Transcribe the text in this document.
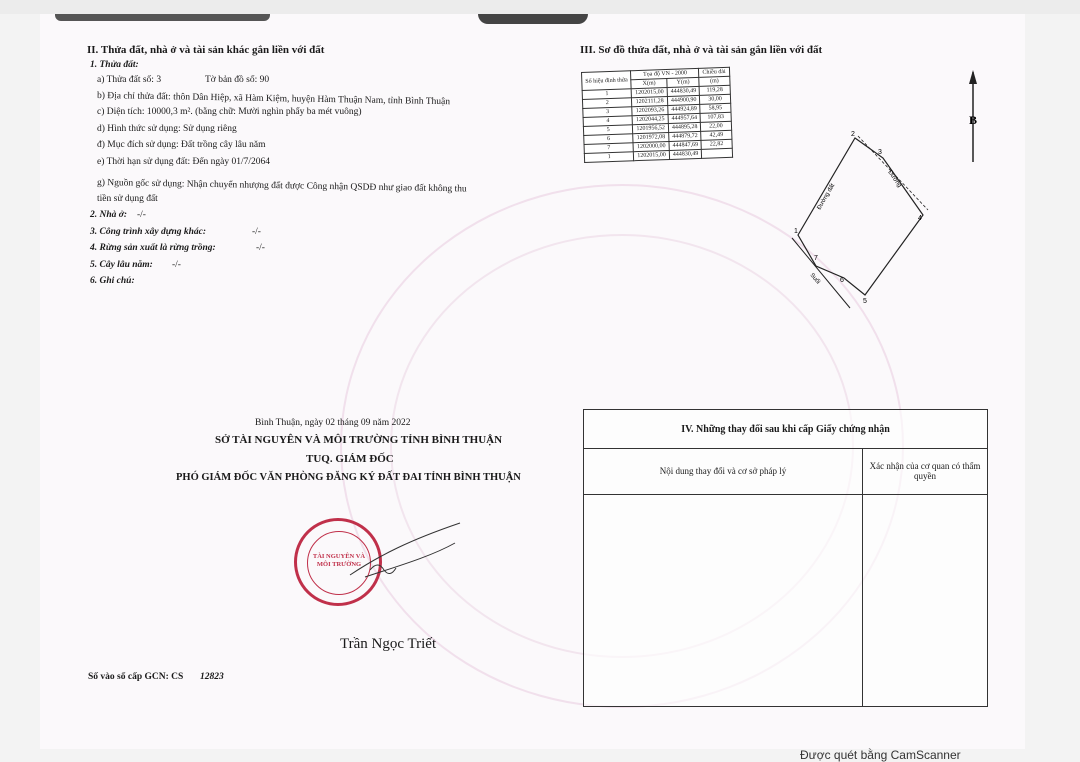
II. Thửa đất, nhà ở và tài sản khác gắn liền với đất
1. Thửa đất:
a) Thửa đất số: 3	Tờ bản đồ số: 90
b) Địa chỉ thửa đất: thôn Dân Hiệp, xã Hàm Kiệm, huyện Hàm Thuận Nam, tỉnh Bình Thuận
c) Diện tích: 10000,3 m². (bằng chữ: Mười nghìn phẩy ba mét vuông)
d) Hình thức sử dụng: Sử dụng riêng
đ) Mục đích sử dụng: Đất trồng cây lâu năm
e) Thời hạn sử dụng đất: Đến ngày 01/7/2064
g) Nguồn gốc sử dụng: Nhận chuyển nhượng đất được Công nhận QSDĐ như giao đất không thu
tiền sử dụng đất
2. Nhà ở: -/-
3. Công trình xây dựng khác:	-/-
4. Rừng sản xuất là rừng trồng:	-/-
5. Cây lâu năm: -/-
6. Ghi chú:
III. Sơ đồ thửa đất, nhà ở và tài sản gắn liền với đất
Số hiệu đỉnh thửa	Tọa độ VN - 2000		Chiều dài
	X(m)	Y(m)	(m)
1	1202015,00	444830,49	119,28
2	1202111,28	444900,90	30,00
3	1202093,26	444924,89	58,95
4	1202044,25	444957,64	107,83
5	1201956,52	444895,28	22,00
6	1201972,08	444879,72	42,49
7	1202000,00	444847,69	22,82
1	1202015,00	444830,49	
B
1
2
3
4
5
6
7
Đường đất
Đường
Suối
Bình Thuận, ngày 02 tháng 09 năm 2022
SỞ TÀI NGUYÊN VÀ MÔI TRƯỜNG TỈNH BÌNH THUẬN
TUQ. GIÁM ĐỐC
PHÓ GIÁM ĐỐC VĂN PHÒNG ĐĂNG KÝ ĐẤT ĐAI TỈNH BÌNH THUẬN
TÀI NGUYÊN VÀ MÔI TRƯỜNG
Trần Ngọc Triết
Số vào sổ cấp GCN: CS 12823
IV. Những thay đổi sau khi cấp Giấy chứng nhận
Nội dung thay đổi và cơ sở pháp lý	Xác nhận của cơ quan có thẩm quyền
Được quét bằng CamScanner
